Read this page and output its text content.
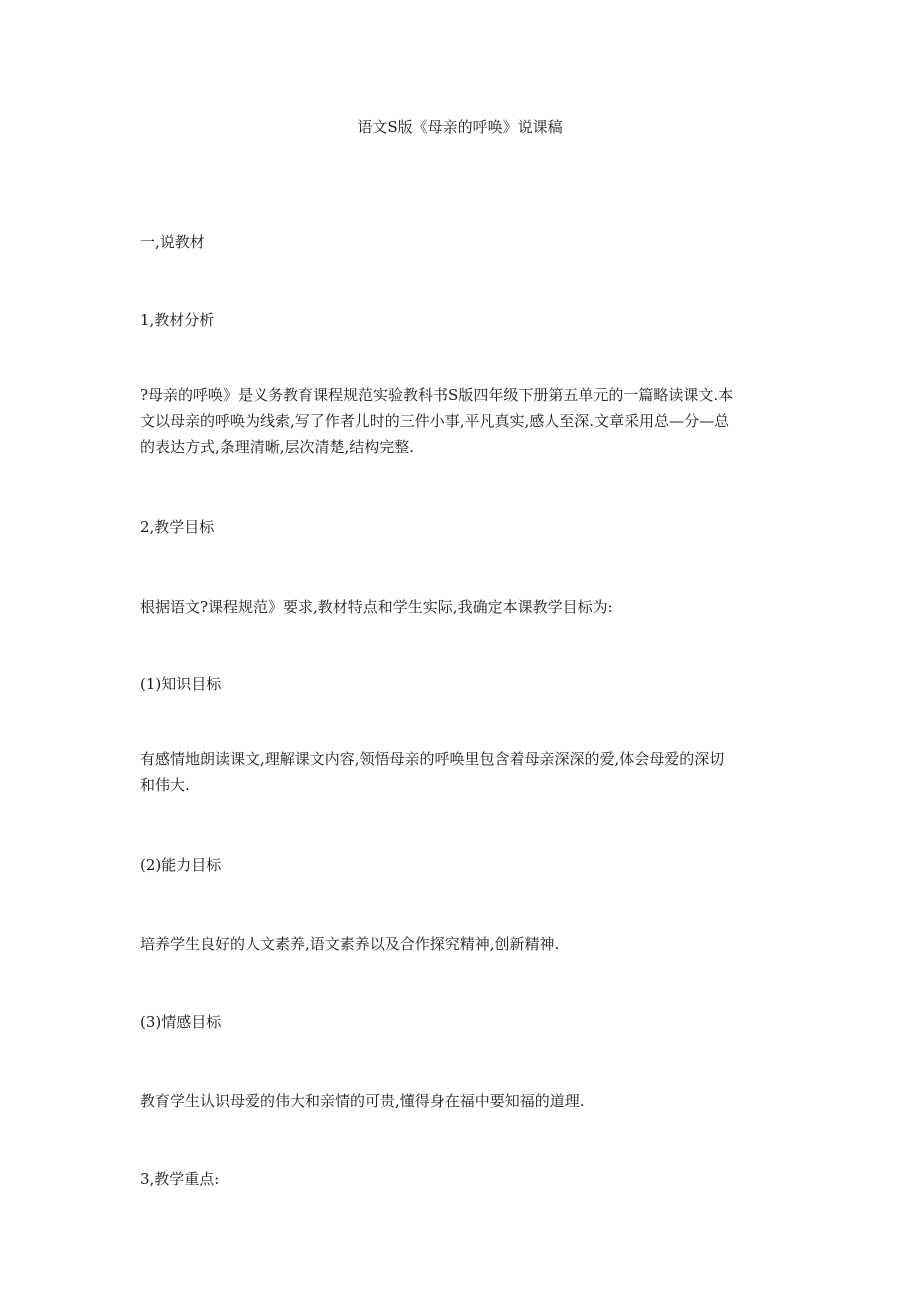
语文S版《母亲的呼唤》说课稿
一,说教材
1,教材分析
?母亲的呼唤》是义务教育课程规范实验教科书S版四年级下册第五单元的一篇略读课文.本
文以母亲的呼唤为线索,写了作者儿时的三件小事,平凡真实,感人至深.文章采用总—分—总
的表达方式,条理清晰,层次清楚,结构完整.
2,教学目标
根据语文?课程规范》要求,教材特点和学生实际,我确定本课教学目标为:
(1)知识目标
有感情地朗读课文,理解课文内容,领悟母亲的呼唤里包含着母亲深深的爱,体会母爱的深切
和伟大.
(2)能力目标
培养学生良好的人文素养,语文素养以及合作探究精神,创新精神.
(3)情感目标
教育学生认识母爱的伟大和亲情的可贵,懂得身在福中要知福的道理.
3,教学重点:
